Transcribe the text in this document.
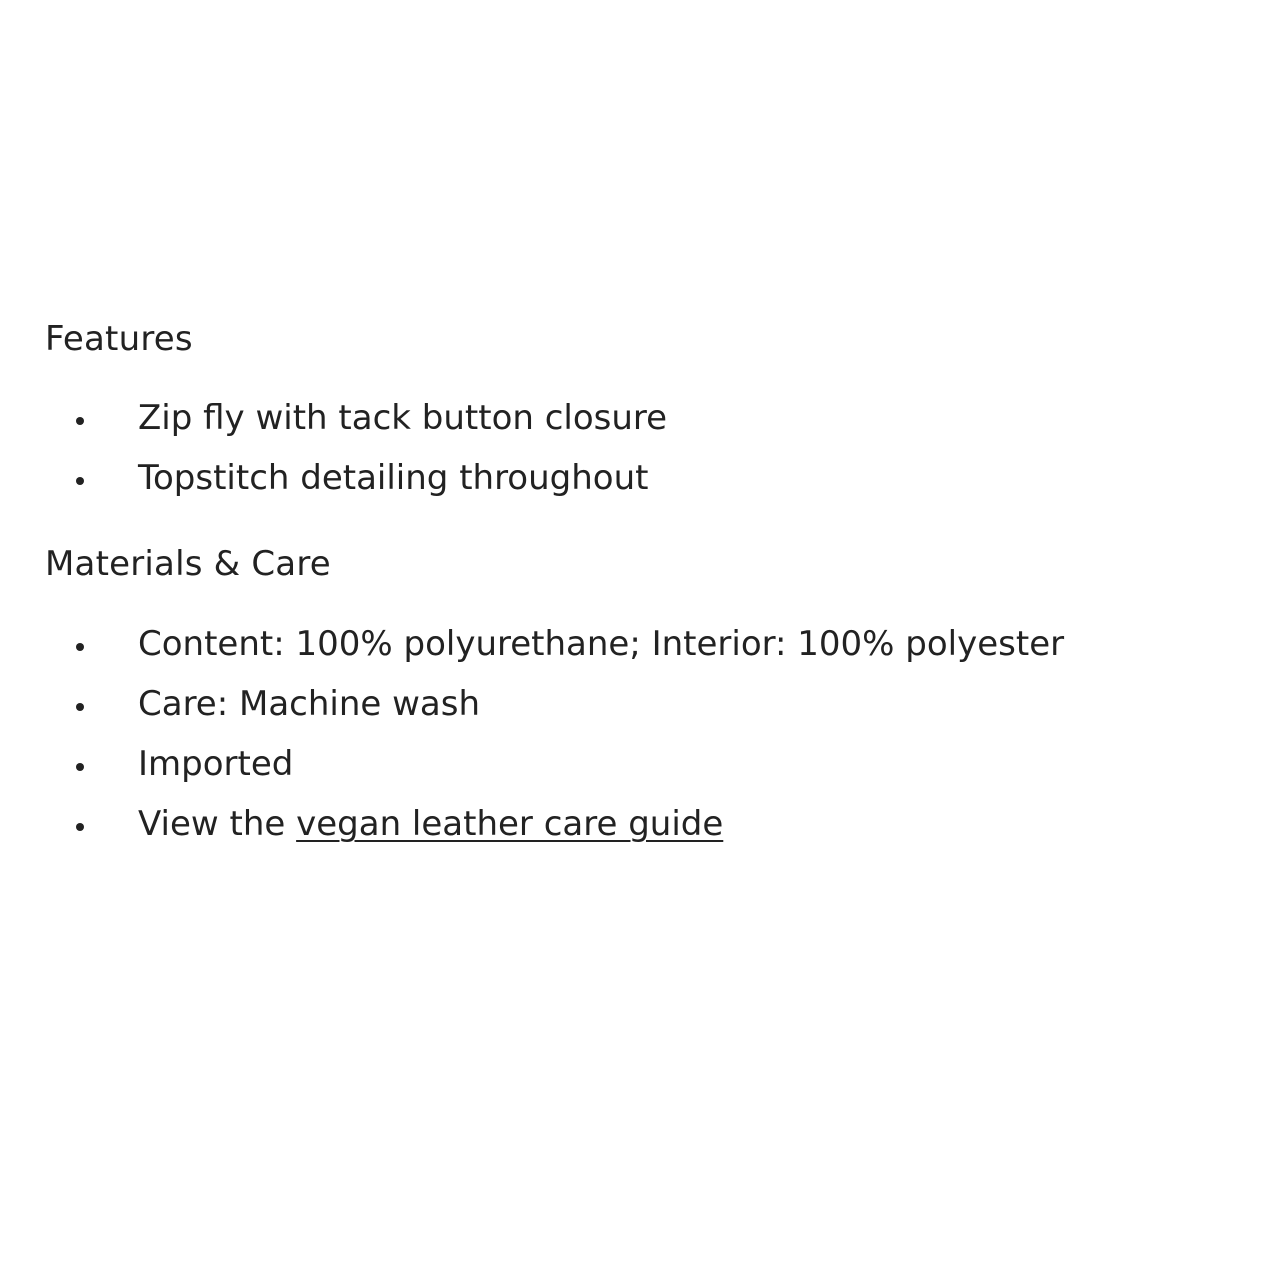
Features
Zip fly with tack button closure
Topstitch detailing throughout
Materials & Care
Content: 100% polyurethane; Interior: 100% polyester
Care: Machine wash
Imported
View the vegan leather care guide
